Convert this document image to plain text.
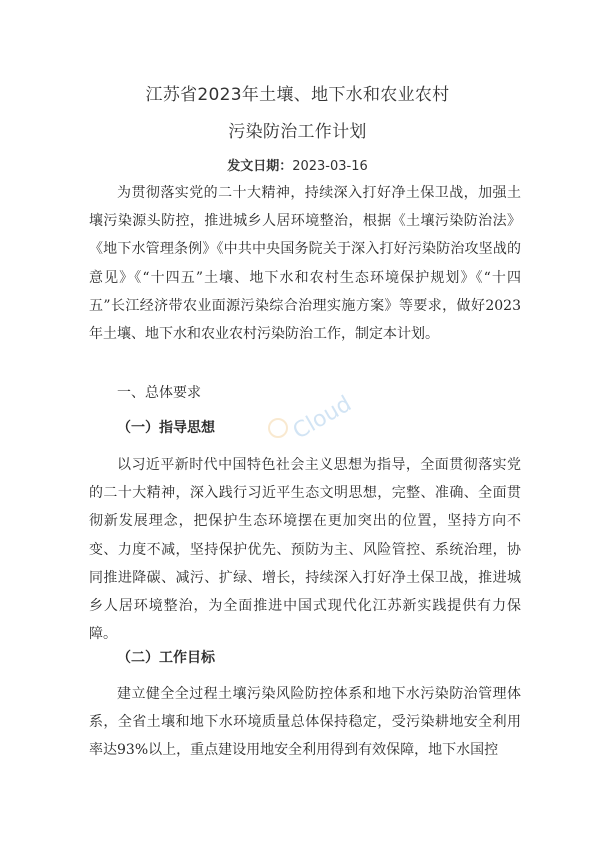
江苏省2023年土壤、地下水和农业农村
污染防治工作计划
发文日期：2023-03-16
为贯彻落实党的二十大精神，持续深入打好净土保卫战，加强土壤污染源头防控，推进城乡人居环境整治，根据《土壤污染防治法》《地下水管理条例》《中共中央国务院关于深入打好污染防治攻坚战的意见》《“十四五”土壤、地下水和农村生态环境保护规划》《“十四五”长江经济带农业面源污染综合治理实施方案》等要求，做好2023年土壤、地下水和农业农村污染防治工作，制定本计划。
一、总体要求
（一）指导思想
以习近平新时代中国特色社会主义思想为指导，全面贯彻落实党的二十大精神，深入践行习近平生态文明思想，完整、准确、全面贯彻新发展理念，把保护生态环境摆在更加突出的位置，坚持方向不变、力度不减，坚持保护优先、预防为主、风险管控、系统治理，协同推进降碳、减污、扩绿、增长，持续深入打好净土保卫战，推进城乡人居环境整治，为全面推进中国式现代化江苏新实践提供有力保障。
（二）工作目标
建立健全全过程土壤污染风险防控体系和地下水污染防治管理体系，全省土壤和地下水环境质量总体保持稳定，受污染耕地安全利用率达93%以上，重点建设用地安全利用得到有效保障，地下水国控
Cloud
